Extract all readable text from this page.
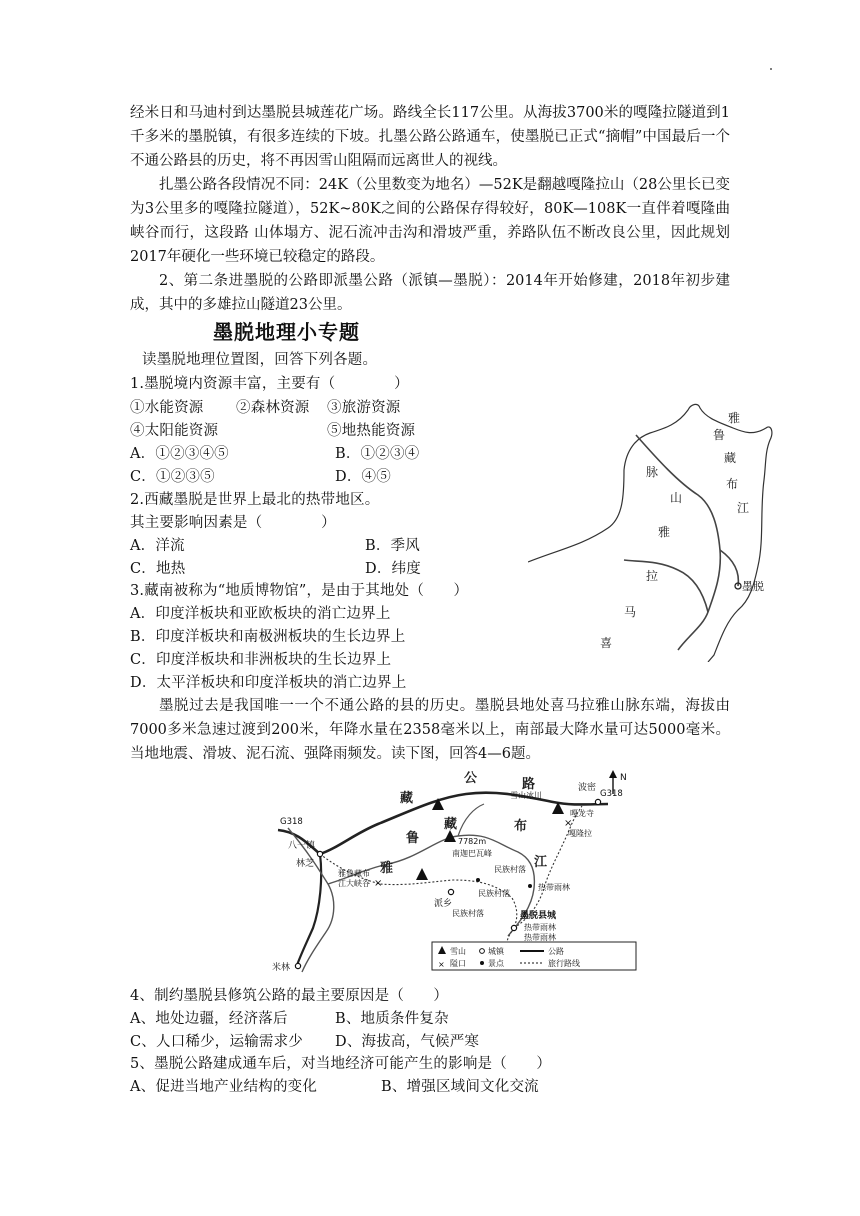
经米日和马迪村到达墨脱县城莲花广场。路线全长117公里。从海拔3700米的嘎隆拉隧道到1千多米的墨脱镇，有很多连续的下坡。扎墨公路公路通车，使墨脱已正式“摘帽”中国最后一个不通公路县的历史，将不再因雪山阻隔而远离世人的视线。
扎墨公路各段情况不同：24K（公里数变为地名）—52K是翻越嘎隆拉山（28公里长已变为3公里多的嘎隆拉隧道），52K~80K之间的公路保存得较好，80K—108K一直伴着嘎隆曲峡谷而行，这段路 山体塌方、泥石流冲击沟和滑坡严重，养路队伍不断改良公里，因此规划2017年硬化一些环境已较稳定的路段。
2、第二条进墨脱的公路即派墨公路（派镇—墨脱）：2014年开始修建，2018年初步建成，其中的多雄拉山隧道23公里。
墨脱地理小专题
读墨脱地理位置图，回答下列各题。
1.墨脱境内资源丰富，主要有（　　　　）
①水能资源 ②森林资源 ③旅游资源
④太阳能资源	⑤地热能资源
A．①②③④⑤	B．①②③④
C．①②③⑤	D．④⑤
2.西藏墨脱是世界上最北的热带地区。
其主要影响因素是（　　　　）
A．洋流	B．季风
C．地热	D．纬度
3.藏南被称为“地质博物馆”，是由于其地处（　　）
A．印度洋板块和亚欧板块的消亡边界上
B．印度洋板块和南极洲板块的生长边界上
C．印度洋板块和非洲板块的生长边界上
D．太平洋板块和印度洋板块的消亡边界上
墨脱
雅
鲁
藏
布
江
喜
马
拉
雅
山
脉
墨脱过去是我国唯一一个不通公路的县的历史。墨脱县地处喜马拉雅山脉东端，海拔由7000多米急速过渡到200米，年降水量在2358毫米以上，南部最大降水量可达5000毫米。当地地震、滑坡、泥石流、强降雨频发。读下图，回答4—6题。
N
×
×
G318
G318
波密
八一镇
林芝
米林
派乡
墨脱县城
7782m
南迦巴瓦峰
雪山冰川
嘎龙寺
嘎隆拉
雅鲁藏布
江大峡谷
民族村落
民族村落
民族村落
热带雨林
热带雨林
热带雨林
公	路
藏
藏	布
江
雅
鲁
雪山	城镇	公路
× 隘口	景点	旅行路线
4、制约墨脱县修筑公路的最主要原因是（　　）
A、地处边疆，经济落后	B、地质条件复杂
C、人口稀少，运输需求少 D、海拔高，气候严寒
5、墨脱公路建成通车后，对当地经济可能产生的影响是（　　）
A、促进当地产业结构的变化	B、增强区域间文化交流
